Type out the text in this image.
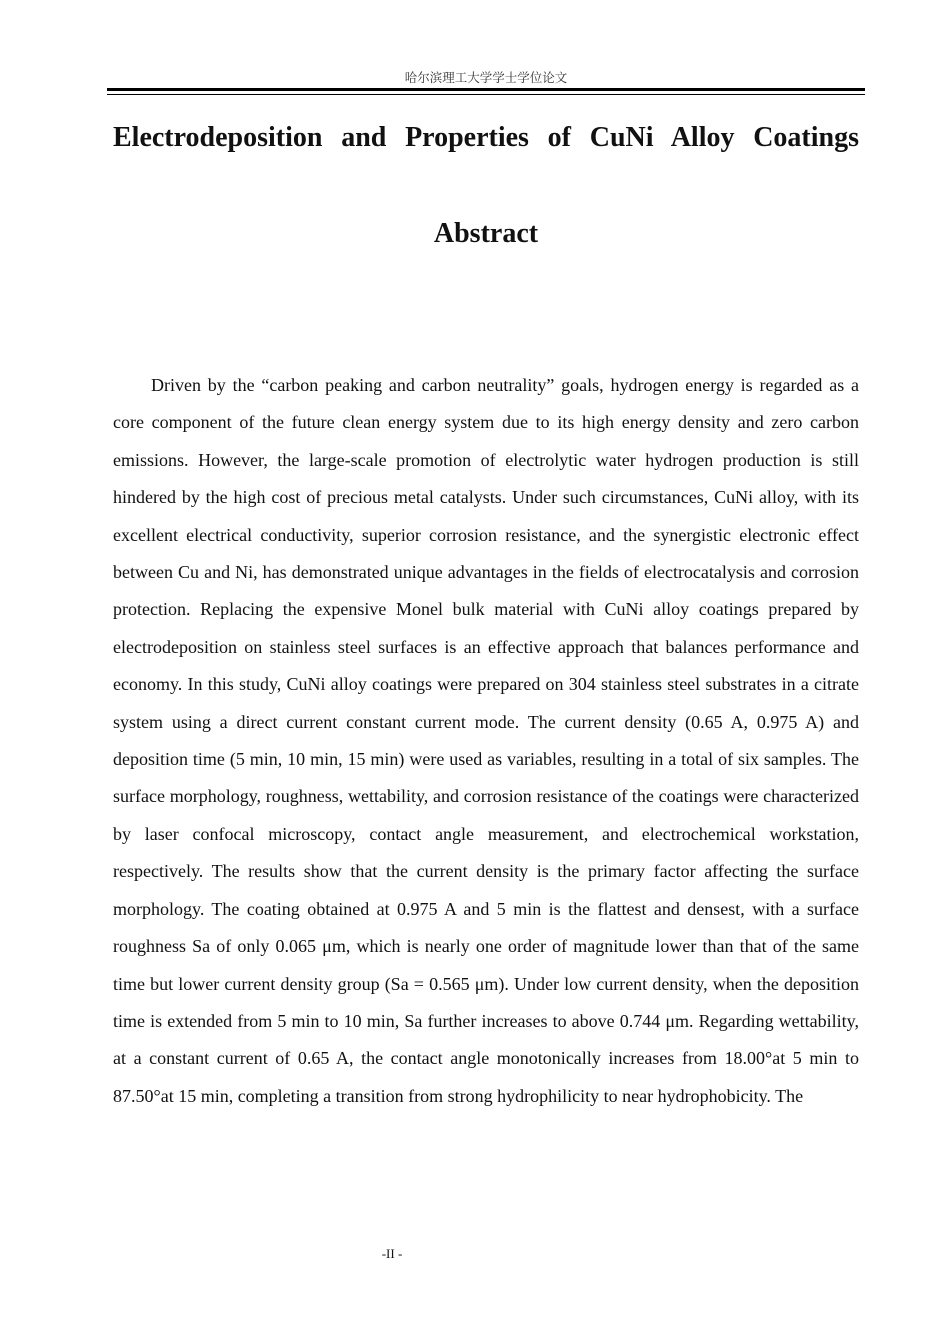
哈尔滨理工大学学士学位论文
Electrodeposition and Properties of CuNi Alloy Coatings
Abstract

Driven by the “carbon peaking and carbon neutrality” goals, hydrogen energy is regarded as a core component of the future clean energy system due to its high energy density and zero carbon emissions. However, the large-scale promotion of electrolytic water hydrogen production is still hindered by the high cost of precious metal catalysts. Under such circumstances, CuNi alloy, with its excellent electrical conductivity, superior corrosion resistance, and the synergistic electronic effect between Cu and Ni, has demonstrated unique advantages in the fields of electrocatalysis and corrosion protection. Replacing the expensive Monel bulk material with CuNi alloy coatings prepared by electrodeposition on stainless steel surfaces is an effective approach that balances performance and economy. In this study, CuNi alloy coatings were prepared on 304 stainless steel substrates in a citrate system using a direct current constant current mode. The current density (0.65 A, 0.975 A) and deposition time (5 min, 10 min, 15 min) were used as variables, resulting in a total of six samples. The surface morphology, roughness, wettability, and corrosion resistance of the coatings were characterized by laser confocal microscopy, contact angle measurement, and electrochemical workstation, respectively. The results show that the current density is the primary factor affecting the surface morphology. The coating obtained at 0.975 A and 5 min is the flattest and densest, with a surface roughness Sa of only 0.065 μm, which is nearly one order of magnitude lower than that of the same time but lower current density group (Sa = 0.565 μm). Under low current density, when the deposition time is extended from 5 min to 10 min, Sa further increases to above 0.744 μm. Regarding wettability, at a constant current of 0.65 A, the contact angle monotonically increases from 18.00°at 5 min to 87.50°at 15 min, completing a transition from strong hydrophilicity to near hydrophobicity. The

-II -
